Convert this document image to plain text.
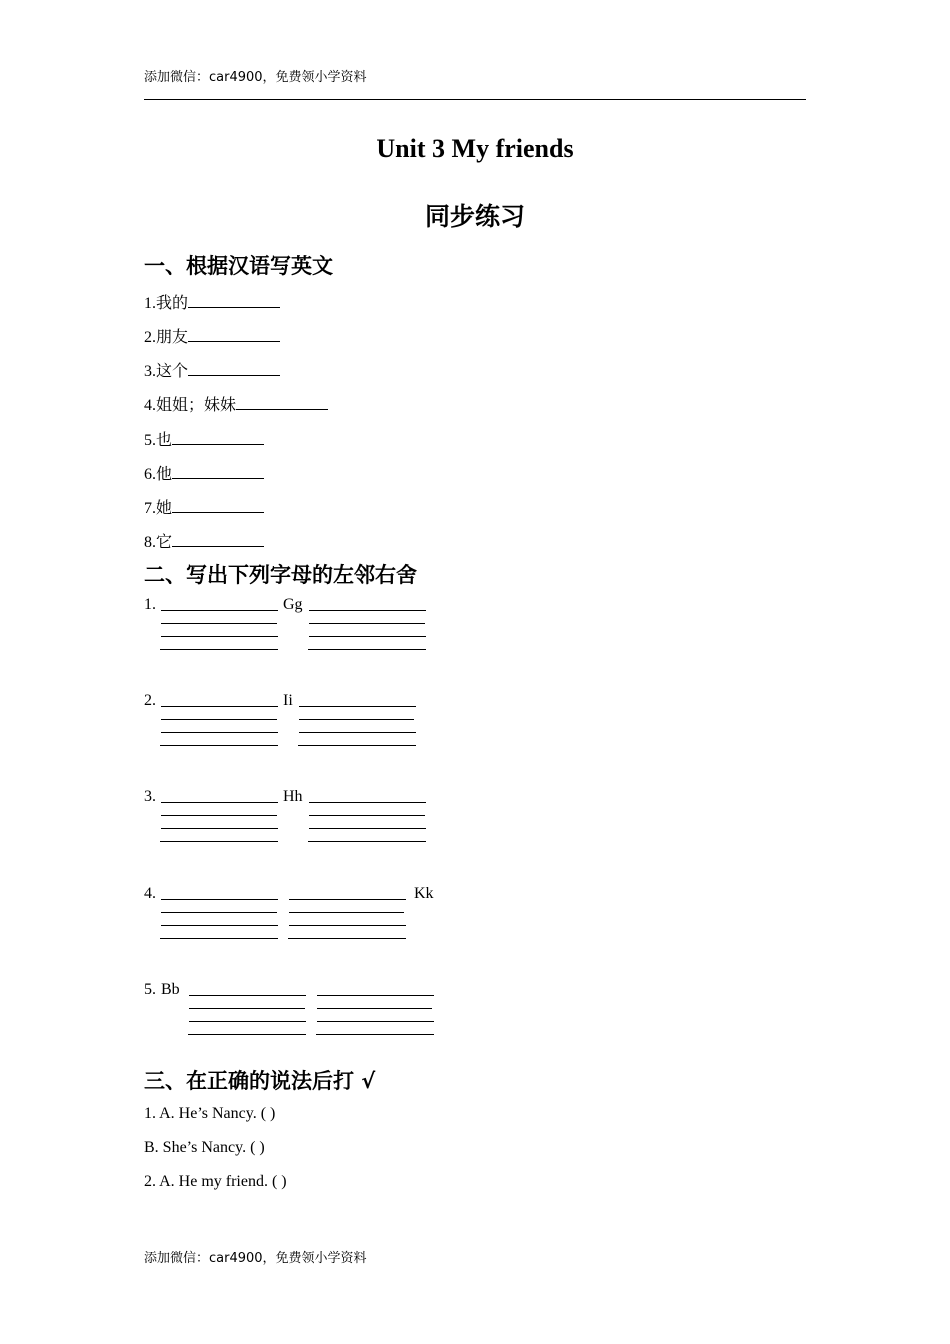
添加微信：car4900，免费领小学资料
Unit 3 My friends
同步练习
一、根据汉语写英文
1.我的
2.朋友
3.这个
4.姐姐；妹妹
5.也
6.他
7.她
8.它
二、写出下列字母的左邻右舍
1.	Gg
2.	Ii
3.	Hh
4.	Kk
5. Bb
三、在正确的说法后打 √
1. A. He’s Nancy. ( )
B. She’s Nancy. ( )
2. A. He my friend. ( )
添加微信：car4900，免费领小学资料
